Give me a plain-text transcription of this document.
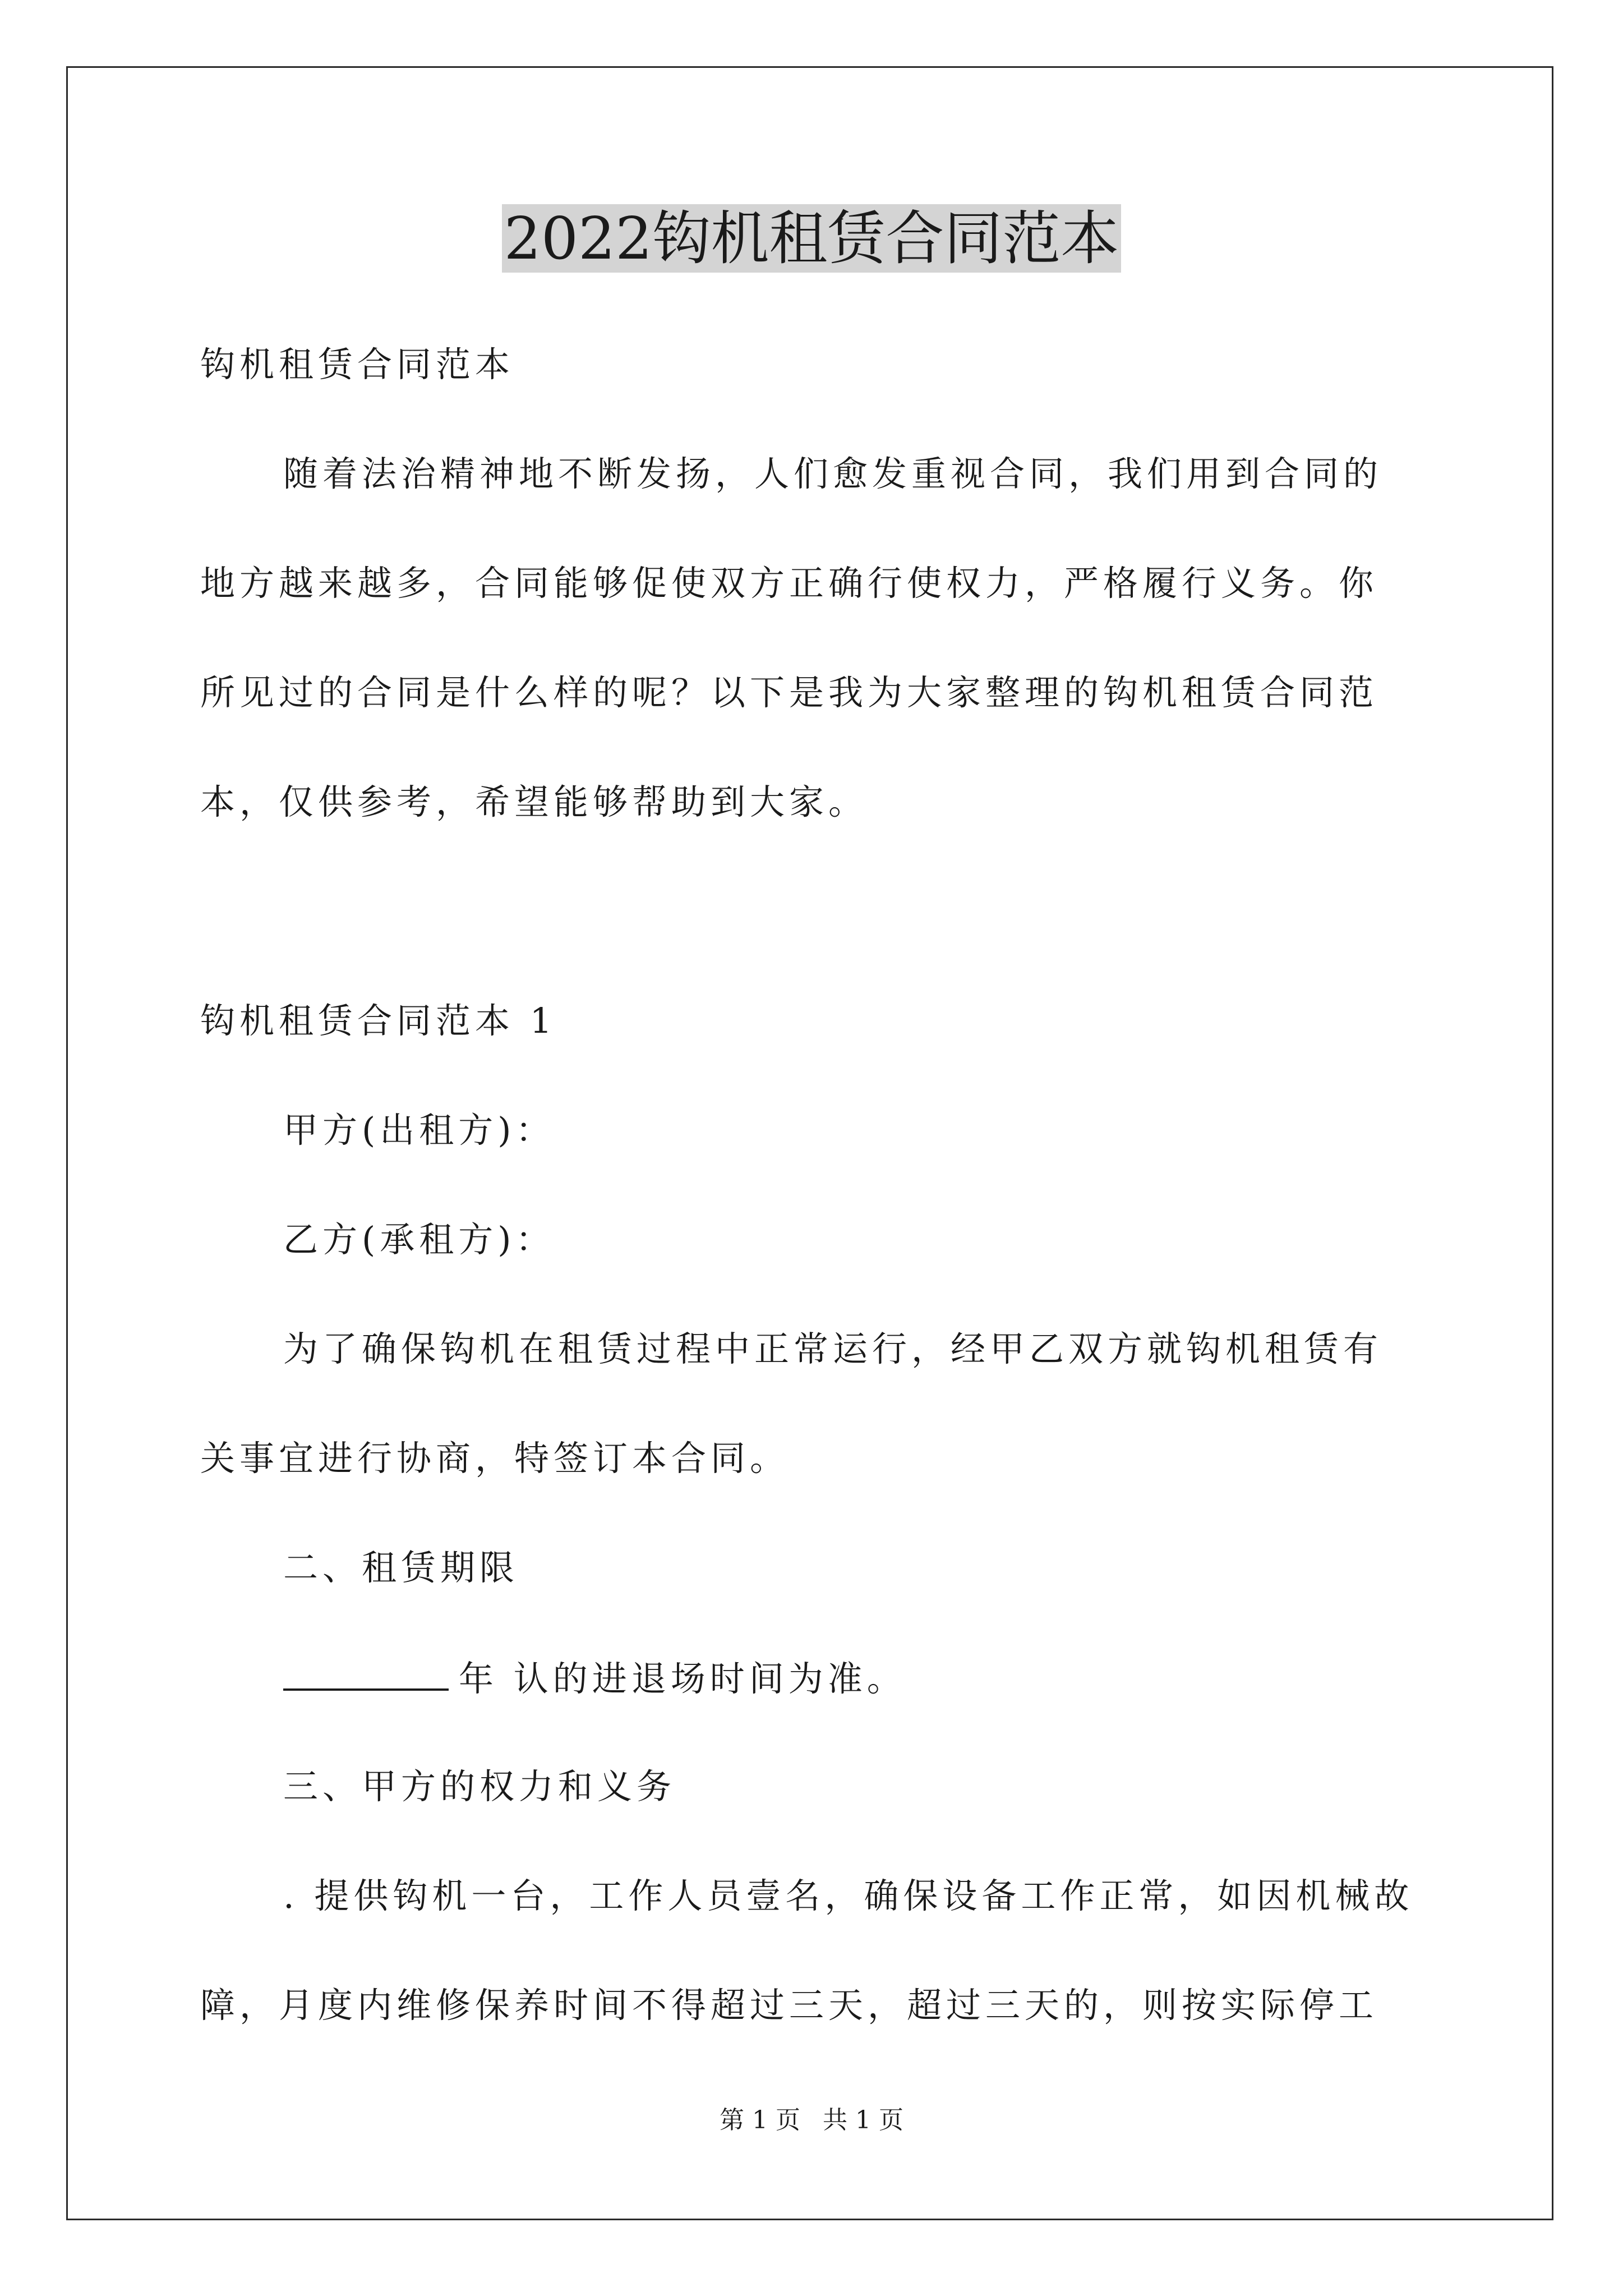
2022钩机租赁合同范本
钩机租赁合同范本
随着法治精神地不断发扬，人们愈发重视合同，我们用到合同的
地方越来越多，合同能够促使双方正确行使权力，严格履行义务。你
所见过的合同是什么样的呢？以下是我为大家整理的钩机租赁合同范
本，仅供参考，希望能够帮助到大家。
钩机租赁合同范本 1
甲方(出租方)：
乙方(承租方)：
为了确保钩机在租赁过程中正常运行，经甲乙双方就钩机租赁有
关事宜进行协商，特签订本合同。
二、租赁期限
年 认的进退场时间为准。
三、甲方的权力和义务
. 提供钩机一台，工作人员壹名，确保设备工作正常，如因机械故
障，月度内维修保养时间不得超过三天，超过三天的，则按实际停工
第 1 页 共 1 页
